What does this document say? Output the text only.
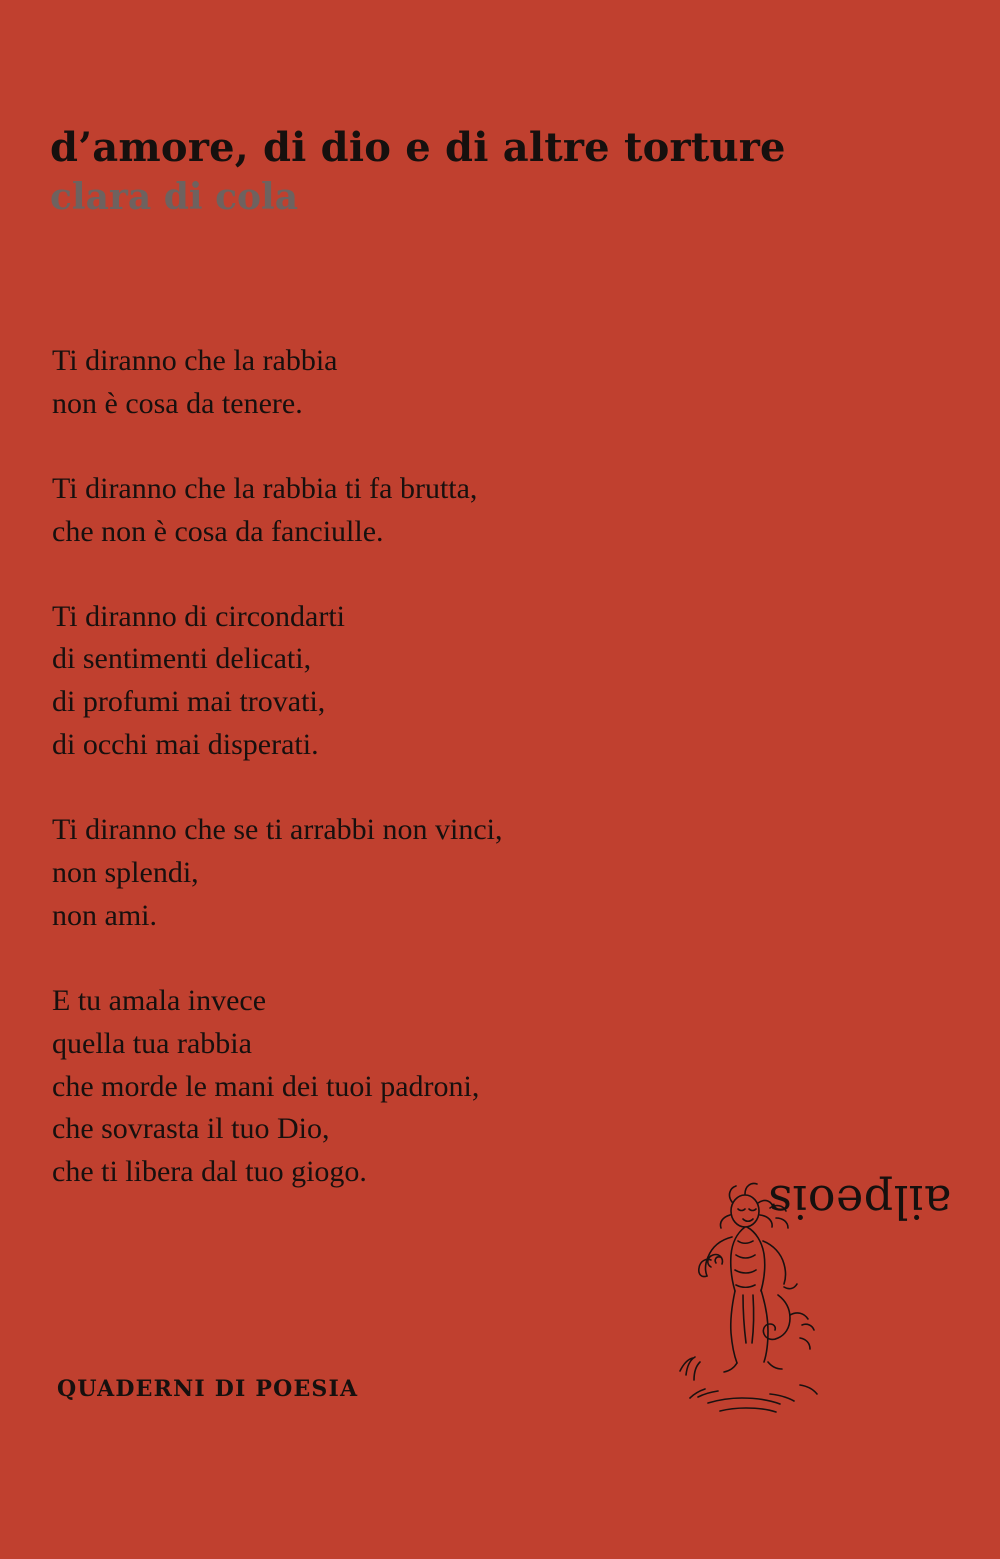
d’amore, di dio e di altre torture
clara di cola
Ti diranno che la rabbia
non è cosa da tenere.
Ti diranno che la rabbia ti fa brutta,
che non è cosa da fanciulle.
Ti diranno di circondarti
di sentimenti delicati,
di profumi mai trovati,
di occhi mai disperati.
Ti diranno che se ti arrabbi non vinci,
non splendi,
non ami.
E tu amala invece
quella tua rabbia
che morde le mani dei tuoi padroni,
che sovrasta il tuo Dio,
che ti libera dal tuo giogo.
QUADERNI DI POESIA
ailpeois
